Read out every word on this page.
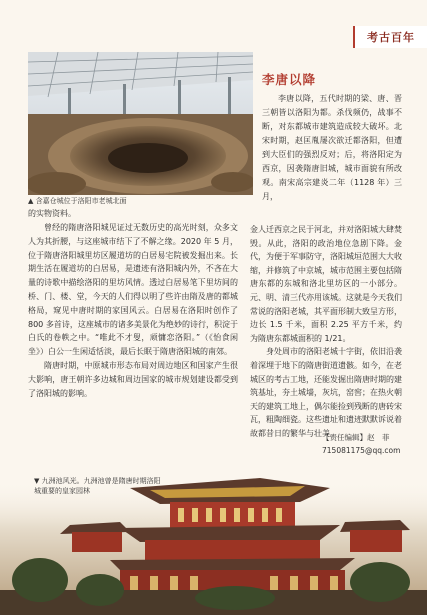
考古百年
▲ 含嘉仓城位于洛阳市老城北面
李唐以降

李唐以降，五代时期的梁、唐、晋三朝皆以洛阳为都。杀伐频仍，战事不断，对东都城市建筑造成较大破坏。北宋时期，赵匡胤屡次欲迁都洛阳，但遭到大臣们的强烈反对；后，将洛阳定为西京，因袭隋唐旧城，城市面貌有所改观。南宋高宗建炎二年（1128 年）三月，

的实物资料。

曾经的隋唐洛阳城见证过无数历史的高光时刻，众多文人为其折腰，与这座城市结下了不解之缘。2020 年 5 月，位于隋唐洛阳城里坊区履道坊的白居易宅院被发掘出来。长期生活在履道坊的白居易，是遗迹有洛阳城内外，不吝在大量的诗歌中描绘洛阳的里坊风情。透过白居易笔下里坊间的桥、门、楼、堂，今天的人们得以明了些许由隋及唐的都城格局，窥见中唐时期的家国风云。白居易在洛阳时创作了 800 多首诗，这座城市的诸多美景化为绝妙的诗行，积淀于白氏的卷帙之中。“唯此不才叟，顽慵恋洛阳。”（《怡食闲坐》）白公一生闲适恬淡，最后长眠于隋唐洛阳城的南郊。

隋唐时期，中原城市形态布局对周边地区和国家产生很大影响，唐王朝许多边城和周边国家的城市规划建设都受到了洛阳城的影响。

金人迁西京之民于河北，并对洛阳城大肆焚毁。从此，洛阳的政治地位急剧下降。金代，为便于军事防守，洛阳城垣范围大大收缩，并修筑了中京城，城市范围主要包括隋唐东都的东城和洛北里坊区的一小部分。元、明、清三代亦用该城。这就是今天我们常说的洛阳老城，其平面形制大致呈方形，边长 1.5 千米，面积 2.25 平方千米，约为隋唐东都城面积的 1/21。

身处周市的洛阳老城十字街，依旧沿袭着深埋于地下的隋唐街道遗骸。如今，在老城区的考古工地，还能发掘出隋唐时期的建筑基址，夯土城墙，灰坑，窑窖；在热火朝天的建筑工地上，偶尔能捡到残断的唐砖宋瓦，粗陶细瓷。这些遗址和遗迹默默诉说着故都昔日的繁华与壮美。

▼ 九洲池风光。九洲池曾是隋唐时期洛阳城重要的皇家园林
【责任编辑】赵　菲
715081175@qq.com
